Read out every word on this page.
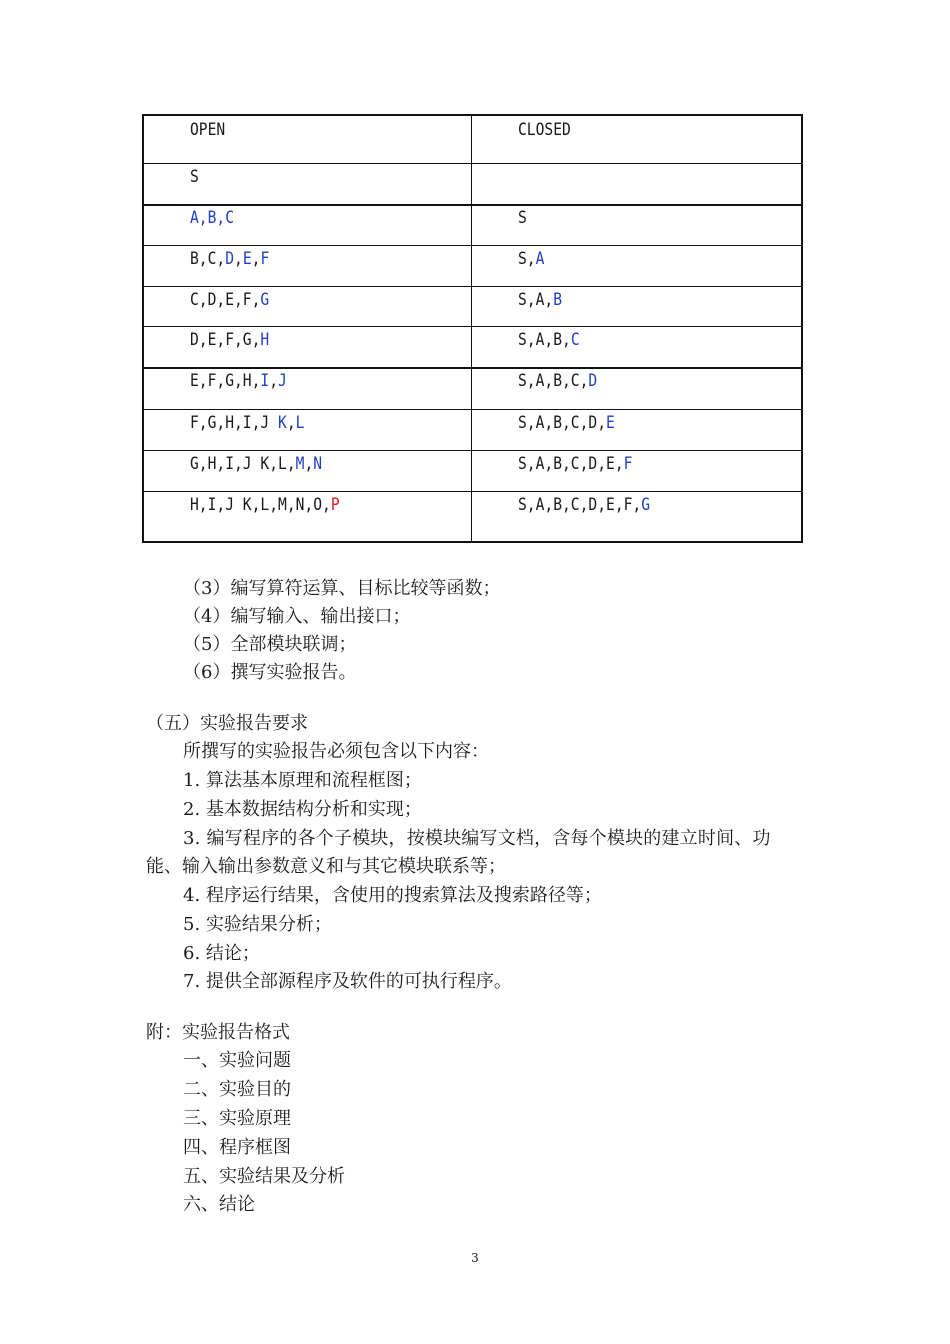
OPEN	CLOSED
S
A,B,C	S
B,C,D,E,F	S,A
C,D,E,F,G	S,A,B
D,E,F,G,H	S,A,B,C
E,F,G,H,I,J	S,A,B,C,D
F,G,H,I,J K,L	S,A,B,C,D,E
G,H,I,J K,L,M,N	S,A,B,C,D,E,F
H,I,J K,L,M,N,O,P	S,A,B,C,D,E,F,G
（3）编写算符运算、目标比较等函数；
（4）编写输入、输出接口；
（5）全部模块联调；
（6）撰写实验报告。
（五）实验报告要求
所撰写的实验报告必须包含以下内容：
1. 算法基本原理和流程框图；
2. 基本数据结构分析和实现；
3. 编写程序的各个子模块，按模块编写文档，含每个模块的建立时间、功
能、输入输出参数意义和与其它模块联系等；
4. 程序运行结果，含使用的搜索算法及搜索路径等；
5. 实验结果分析；
6. 结论；
7. 提供全部源程序及软件的可执行程序。
附：实验报告格式
一、实验问题
二、实验目的
三、实验原理
四、程序框图
五、实验结果及分析
六、结论
3
